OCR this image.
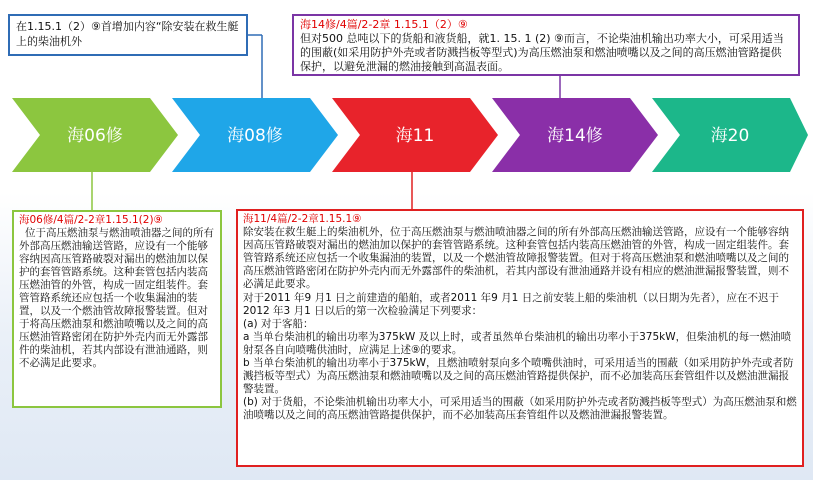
海06修	海08修	海11	海14修	海20
在1.15.1（2）⑨首增加内容“除安装在救生艇上的柴油机外
海14修/4篇/2-2章 1.15.1（2）⑨
但对500 总吨以下的货船和液货船，就1. 15. 1 (2) ⑨而言，不论柴油机输出功率大小，可采用适当的围蔽(如采用防护外壳或者防溅挡板等型式)为高压燃油泵和燃油喷嘴以及之间的高压燃油管路提供保护，以避免泄漏的燃油接触到高温表面。
海06修/4篇/2-2章1.15.1(2)⑨
位于高压燃油泵与燃油喷油器之间的所有外部高压燃油输送管路，应设有一个能够容纳因高压管路破裂对漏出的燃油加以保护的套管管路系统。这种套管包括内装高压燃油管的外管，构成一固定组装件。套管管路系统还应包括一个收集漏油的装置，以及一个燃油管故障报警装置。但对于将高压燃油泵和燃油喷嘴以及之间的高压燃油管路密闭在防护外壳内而无外露部件的柴油机，若其内部设有泄油通路，则不必满足此要求。
海11/4篇/2-2章1.15.1⑨
除安装在救生艇上的柴油机外，位于高压燃油泵与燃油喷油器之间的所有外部高压燃油输送管路，应设有一个能够容纳因高压管路破裂对漏出的燃油加以保护的套管管路系统。这种套管包括内装高压燃油管的外管，构成一固定组装件。套管管路系统还应包括一个收集漏油的装置，以及一个燃油管故障报警装置。但对于将高压燃油泵和燃油喷嘴以及之间的高压燃油管路密闭在防护外壳内而无外露部件的柴油机，若其内部设有泄油通路并设有相应的燃油泄漏报警装置，则不必满足此要求。
对于2011 年9 月1 日之前建造的船舶，或者2011 年9 月1 日之前安装上船的柴油机（以日期为先者），应在不迟于2012 年3 月1 日以后的第一次检验满足下列要求：
(a) 对于客船：
a 当单台柴油机的输出功率为375kW 及以上时，或者虽然单台柴油机的输出功率小于375kW，但柴油机的每一燃油喷射泵各自向喷嘴供油时，应满足上述⑨的要求。
b 当单台柴油机的输出功率小于375kW，且燃油喷射泵向多个喷嘴供油时，可采用适当的围蔽（如采用防护外壳或者防溅挡板等型式）为高压燃油泵和燃油喷嘴以及之间的高压燃油管路提供保护，而不必加装高压套管组件以及燃油泄漏报警装置。
(b) 对于货船，不论柴油机输出功率大小，可采用适当的围蔽（如采用防护外壳或者防溅挡板等型式）为高压燃油泵和燃油喷嘴以及之间的高压燃油管路提供保护，而不必加装高压套管组件以及燃油泄漏报警装置。
